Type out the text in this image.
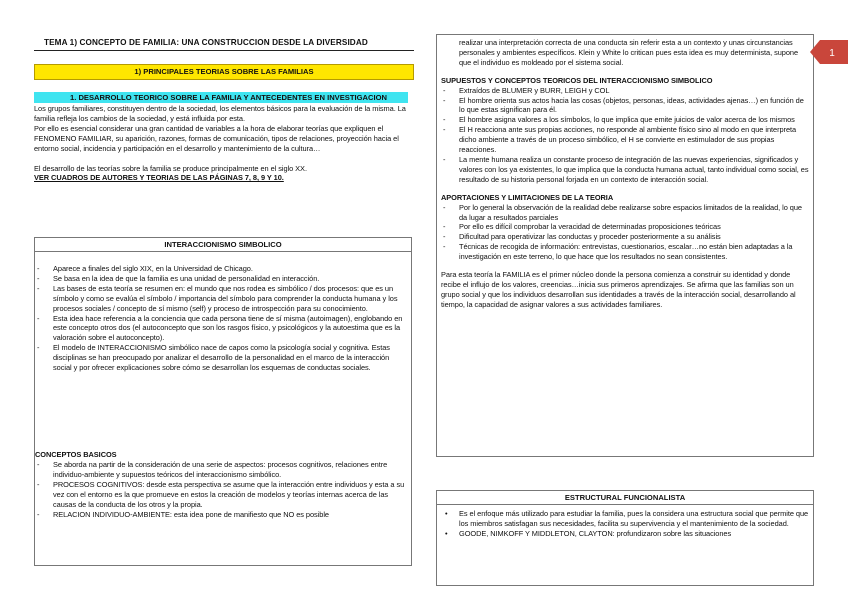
TEMA 1) CONCEPTO DE FAMILIA: UNA CONSTRUCCION DESDE LA DIVERSIDAD
1) PRINCIPALES TEORIAS SOBRE LAS FAMILIAS
1. DESARROLLO TEORICO SOBRE LA FAMILIA Y ANTECEDENTES EN INVESTIGACION

Los grupos familiares, constituyen dentro de la sociedad, los elementos básicos para la evaluación de la misma. La familia refleja los cambios de la sociedad, y está influida por esta.

Por ello es esencial considerar una gran cantidad de variables a la hora de elaborar teorías que expliquen el FENOMENO FAMILIAR, su aparición, razones, formas de comunicación, tipos de relaciones, proyección hacia el entorno social, incidencia y participación en el desarrollo y mantenimiento de la cultura…

El desarrollo de las teorías sobre la familia se produce principalmente en el siglo XX.

VER CUADROS DE AUTORES Y TEORIAS DE LAS PÁGINAS 7, 8, 9 Y 10.

INTERACCIONISMO SIMBOLICO
- Aparece a finales del siglo XIX, en la Universidad de Chicago.
- Se basa en la idea de que la familia es una unidad de personalidad en interacción.
- Las bases de esta teoría se resumen en: el mundo que nos rodea es simbólico / dos procesos: que es un símbolo y como se evalúa el símbolo / importancia del símbolo para comprender la conducta humana y los procesos sociales / concepto de sí mismo (self) y proceso de introspección para su conocimiento.
- Esta idea hace referencia a la conciencia que cada persona tiene de sí misma (autoimagen), englobando en este concepto otros dos (el autoconcepto que son los rasgos físico, y psicológicos y la autoestima que es la valoración sobre el autoconcepto).
- El modelo de INTERACCIONISMO simbólico nace de capos como la psicología social y cognitiva. Estas disciplinas se han preocupado por analizar el desarrollo de la personalidad en el marco de la interacción social y por ofrecer explicaciones sobre cómo se desarrollan los esquemas de conductas sociales.
CONCEPTOS BASICOS
- Se aborda na partir de la consideración de una serie de aspectos: procesos cognitivos, relaciones entre individuo-ambiente y supuestos teóricos del interaccionismo simbólico.
- PROCESOS COGNITIVOS: desde esta perspectiva se asume que la interacción entre individuos y esta a su vez con el entorno es la que promueve en estos la creación de modelos y teorías internas acerca de las causas de la conducta de los otros y la propia.
- RELACION INDIVIDUO-AMBIENTE: esta idea pone de manifiesto que NO es posible

realizar una interpretación correcta de una conducta sin referir esta a un contexto y unas circunstancias personales y ambientes específicos. Klein y White lo critican pues esta idea es muy determinista, supone que el individuo es moldeado por el sistema social.

SUPUESTOS Y CONCEPTOS TEORICOS DEL INTERACCIONISMO SIMBOLICO

- Extraídos de BLUMER y BURR, LEIGH y COL
- El hombre orienta sus actos hacia las cosas (objetos, personas, ideas, actividades ajenas…) en función de lo que estas significan para él.
- El hombre asigna valores a los símbolos, lo que implica que emite juicios de valor acerca de los mismos
- El H reacciona ante sus propias acciones, no responde al ambiente físico sino al modo en que interpreta dicho ambiente a través de un proceso simbólico, el H se convierte en estimulador de sus propias reacciones.
- La mente humana realiza un constante proceso de integración de las nuevas experiencias, significados y valores con los ya existentes, lo que implica que la conducta humana actual, tanto individual como social, es resultado de su historia personal forjada en un contexto de interacción social.

APORTACIONES Y LIMITACIONES DE LA TEORIA

- Por lo general la observación de la realidad debe realizarse sobre espacios limitados de la realidad, lo que da lugar a resultados parciales
- Por ello es difícil comprobar la veracidad de determinadas proposiciones teóricas
- Dificultad para operativizar las conductas y proceder posteriormente a su análisis
- Técnicas de recogida de información: entrevistas, cuestionarios, escalar…no están bien adaptadas a la investigación en este terreno, lo que hace que los resultados no sean consistentes.

Para esta teoría la FAMILIA es el primer núcleo donde la persona comienza a construir su identidad y donde recibe el influjo de los valores, creencias…inicia sus primeros aprendizajes. Se afirma que las familias son un grupo social y que los individuos desarrollan sus identidades a través de la interacción social, desarrollando al tiempo, la capacidad de asignar valores a sus actividades familiares.

1
ESTRUCTURAL FUNCIONALISTA
• Es el enfoque más utilizado para estudiar la familia, pues la considera una estructura social que permite que los miembros satisfagan sus necesidades, facilita su supervivencia y el mantenimiento de la sociedad.
• GOODE, NIMKOFF Y MIDDLETON, CLAYTON: profundizaron sobre las situaciones
